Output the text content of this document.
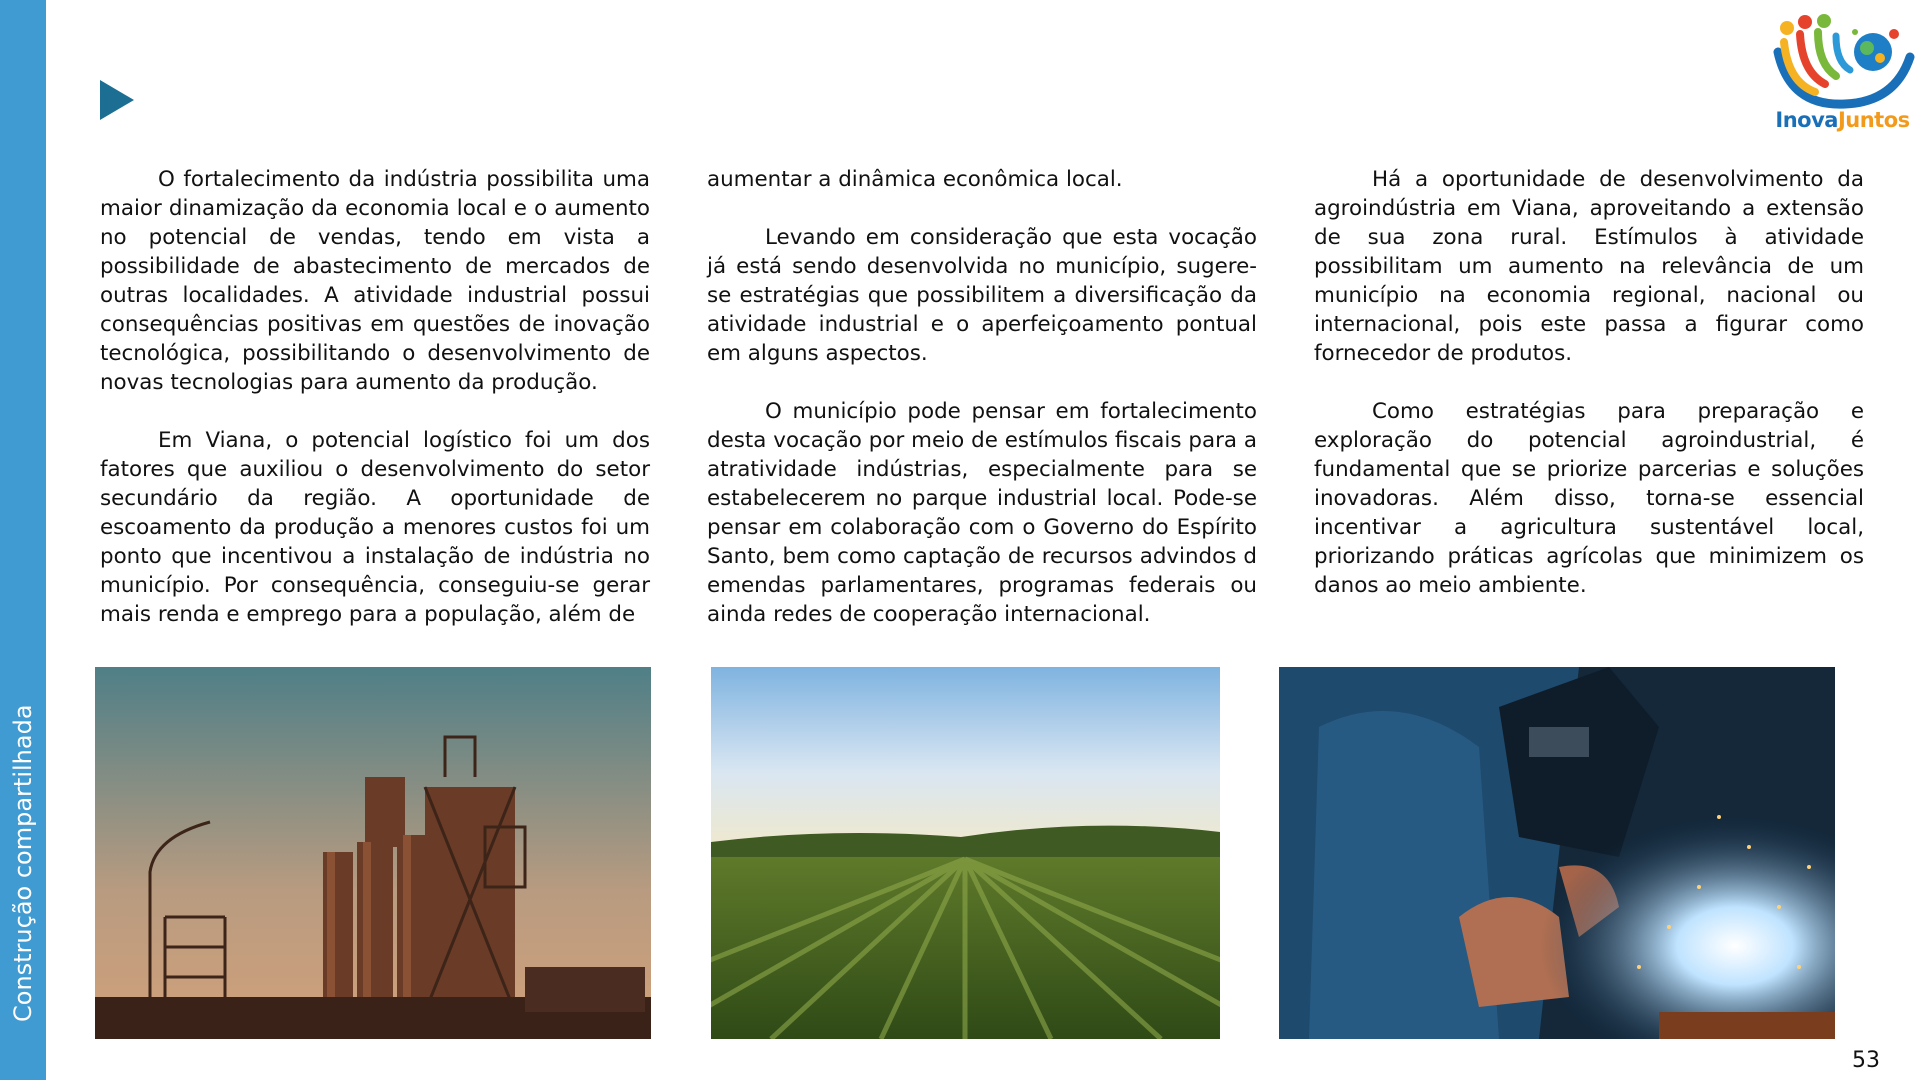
Construção compartilhada
InovaJuntos

O fortalecimento da indústria possibilita uma maior dinamização da economia local e o aumento no potencial de vendas, tendo em vista a possibilidade de abastecimento de mercados de outras localidades. A atividade industrial possui consequências positivas em questões de inovação tecnológica, possibilitando o desenvolvimento de novas tecnologias para aumento da produção.

Em Viana, o potencial logístico foi um dos fatores que auxiliou o desenvolvimento do setor secundário da região. A oportunidade de escoamento da produção a menores custos foi um ponto que incentivou a instalação de indústria no município. Por consequência, conseguiu-se gerar mais renda e emprego para a população, além de

aumentar a dinâmica econômica local.

Levando em consideração que esta vocação já está sendo desenvolvida no município, sugere-se estratégias que possibilitem a diversificação da atividade industrial e o aperfeiçoamento pontual em alguns aspectos.

O município pode pensar em fortalecimento desta vocação por meio de estímulos fiscais para a atratividade indústrias, especialmente para se estabelecerem no parque industrial local. Pode-se pensar em colaboração com o Governo do Espírito Santo, bem como captação de recursos advindos d emendas parlamentares, programas federais ou ainda redes de cooperação internacional.

Há a oportunidade de desenvolvimento da agroindústria em Viana, aproveitando a extensão de sua zona rural. Estímulos à atividade possibilitam um aumento na relevância de um município na economia regional, nacional ou internacional, pois este passa a figurar como fornecedor de produtos.

Como estratégias para preparação e exploração do potencial agroindustrial, é fundamental que se priorize parcerias e soluções inovadoras. Além disso, torna-se essencial incentivar a agricultura sustentável local, priorizando práticas agrícolas que minimizem os danos ao meio ambiente.

53
